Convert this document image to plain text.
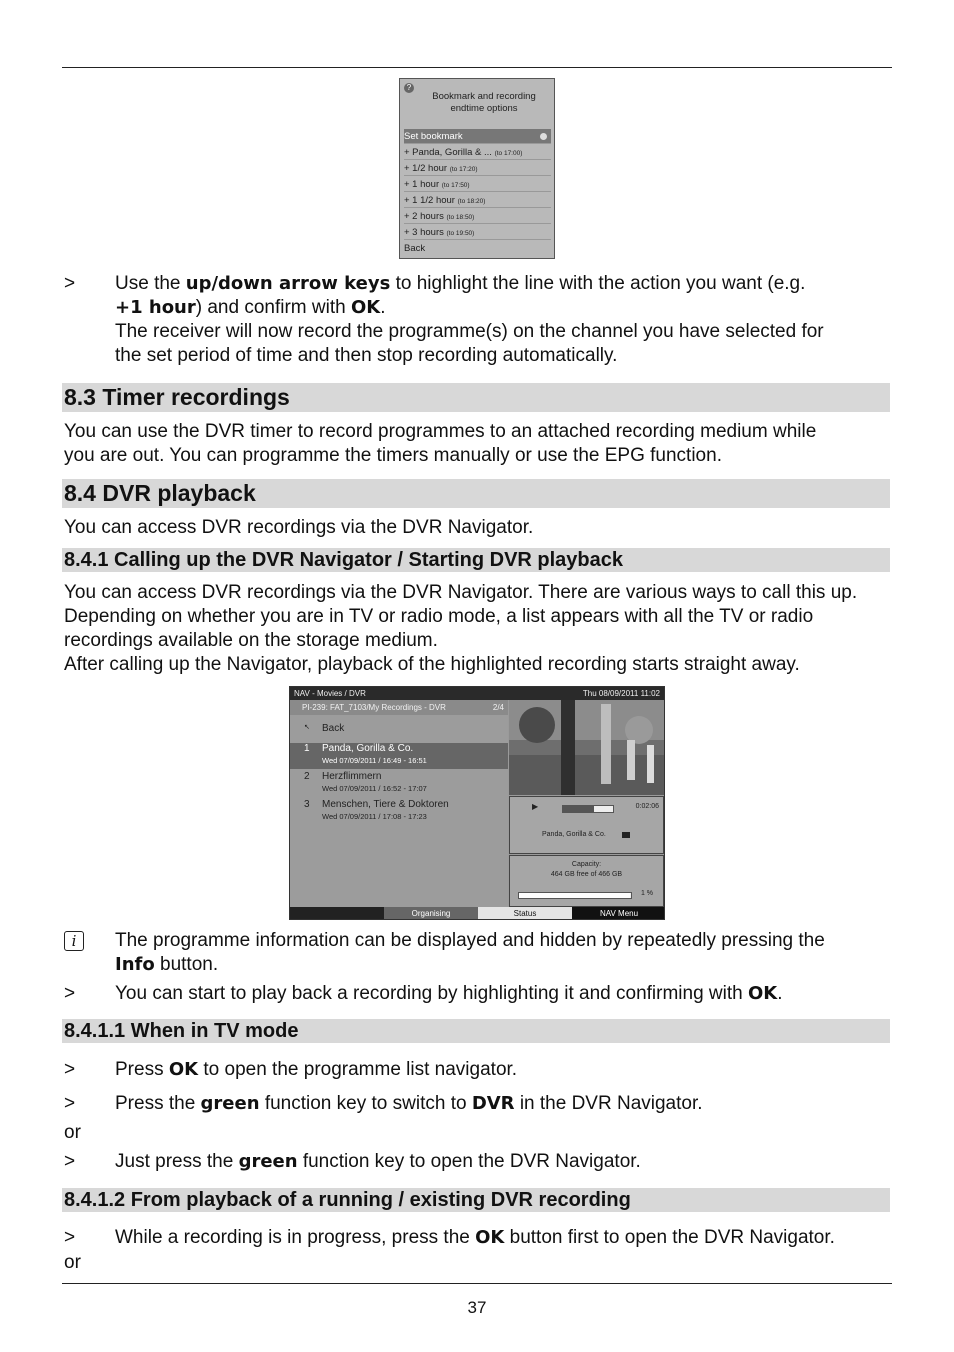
?
Bookmark and recording
endtime options
Set bookmark
+ Panda, Gorilla & ... (to 17:00)
+ 1/2 hour (to 17:20)
+ 1 hour (to 17:50)
+ 1 1/2 hour (to 18:20)
+ 2 hours (to 18:50)
+ 3 hours (to 19:50)
Back
>	Use the up/down arrow keys to highlight the line with the action you want (e.g.
+1 hour) and confirm with OK.
The receiver will now record the programme(s) on the channel you have selected for
the set period of time and then stop recording automatically.
8.3 Timer recordings
You can use the DVR timer to record programmes to an attached recording medium while
you are out. You can programme the timers manually or use the EPG function.
8.4 DVR playback
You can access DVR recordings via the DVR Navigator.
8.4.1 Calling up the DVR Navigator / Starting DVR playback
You can access DVR recordings via the DVR Navigator. There are various ways to call this up.
Depending on whether you are in TV or radio mode, a list appears with all the TV or radio
recordings available on the storage medium.
After calling up the Navigator, playback of the highlighted recording starts straight away.
NAV - Movies / DVR	Thu 08/09/2011 11:02
PI-239: FAT_7103/My Recordings - DVR	2/4
↖ Back
1 Panda, Gorilla & Co.
Wed 07/09/2011 / 16:49 - 16:51
2 Herzflimmern
Wed 07/09/2011 / 16:52 - 17:07
3 Menschen, Tiere & Doktoren
Wed 07/09/2011 / 17:08 - 17:23
▶	0:02:06
Panda, Gorilla & Co.
Capacity:
464 GB free of 466 GB
1 %
Organising	Status	NAV Menu
i	The programme information can be displayed and hidden by repeatedly pressing the
Info button.
>	You can start to play back a recording by highlighting it and confirming with OK.
8.4.1.1 When in TV mode
>	Press OK to open the programme list navigator.
>	Press the green function key to switch to DVR in the DVR Navigator.
or
>	Just press the green function key to open the DVR Navigator.
8.4.1.2 From playback of a running / existing DVR recording
>	While a recording is in progress, press the OK button first to open the DVR Navigator.
or
37
